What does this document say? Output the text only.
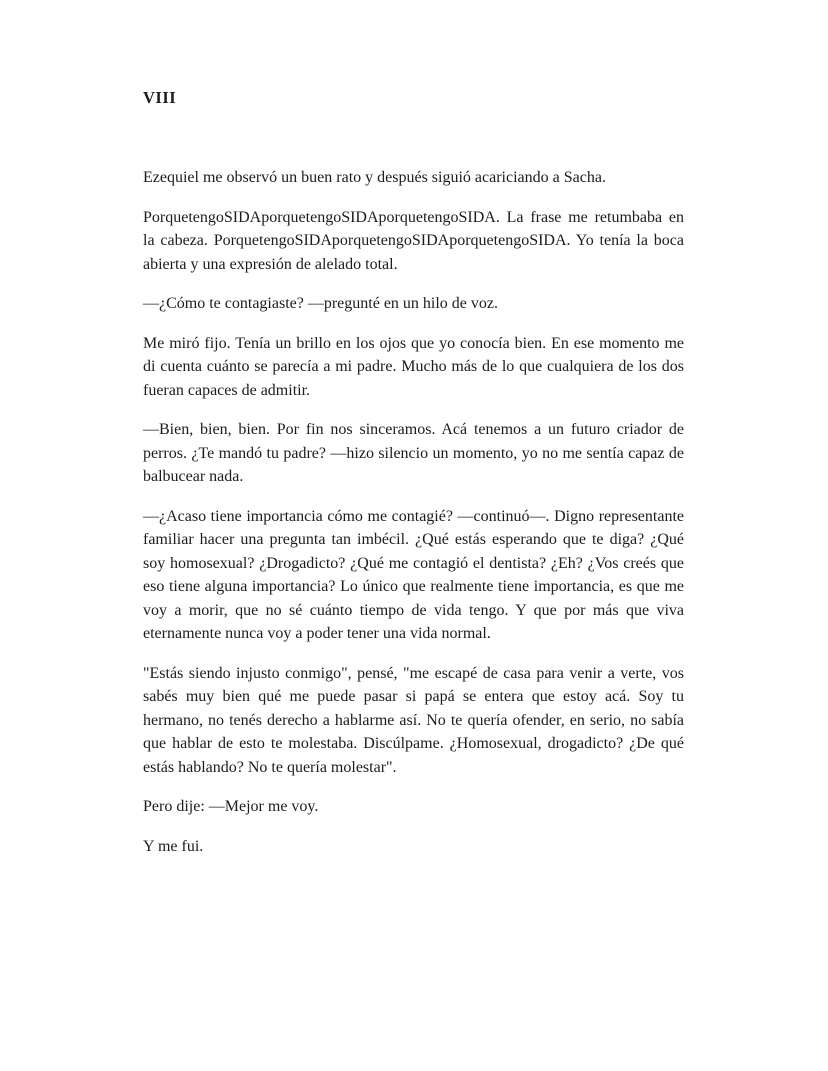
VIII

Ezequiel me observó un buen rato y después siguió acariciando a Sacha.

PorquetengoSIDAporquetengoSIDAporquetengoSIDA. La frase me retumbaba en la cabeza. PorquetengoSIDAporquetengoSIDAporquetengoSIDA. Yo tenía la boca abierta y una expresión de alelado total.

—¿Cómo te contagiaste? —pregunté en un hilo de voz.

Me miró fijo. Tenía un brillo en los ojos que yo conocía bien. En ese momento me di cuenta cuánto se parecía a mi padre. Mucho más de lo que cualquiera de los dos fueran capaces de admitir.

—Bien, bien, bien. Por fin nos sinceramos. Acá tenemos a un futuro criador de perros. ¿Te mandó tu padre? —hizo silencio un momento, yo no me sentía capaz de balbucear nada.

—¿Acaso tiene importancia cómo me contagié? —continuó—. Digno representante familiar hacer una pregunta tan imbécil. ¿Qué estás esperando que te diga? ¿Qué soy homosexual? ¿Drogadicto? ¿Qué me contagió el dentista? ¿Eh? ¿Vos creés que eso tiene alguna importancia? Lo único que realmente tiene importancia, es que me voy a morir, que no sé cuánto tiempo de vida tengo. Y que por más que viva eternamente nunca voy a poder tener una vida normal.

"Estás siendo injusto conmigo", pensé, "me escapé de casa para venir a verte, vos sabés muy bien qué me puede pasar si papá se entera que estoy acá. Soy tu hermano, no tenés derecho a hablarme así. No te quería ofender, en serio, no sabía que hablar de esto te molestaba. Discúlpame. ¿Homosexual, drogadicto? ¿De qué estás hablando? No te quería molestar".

Pero dije: —Mejor me voy.

Y me fui.
